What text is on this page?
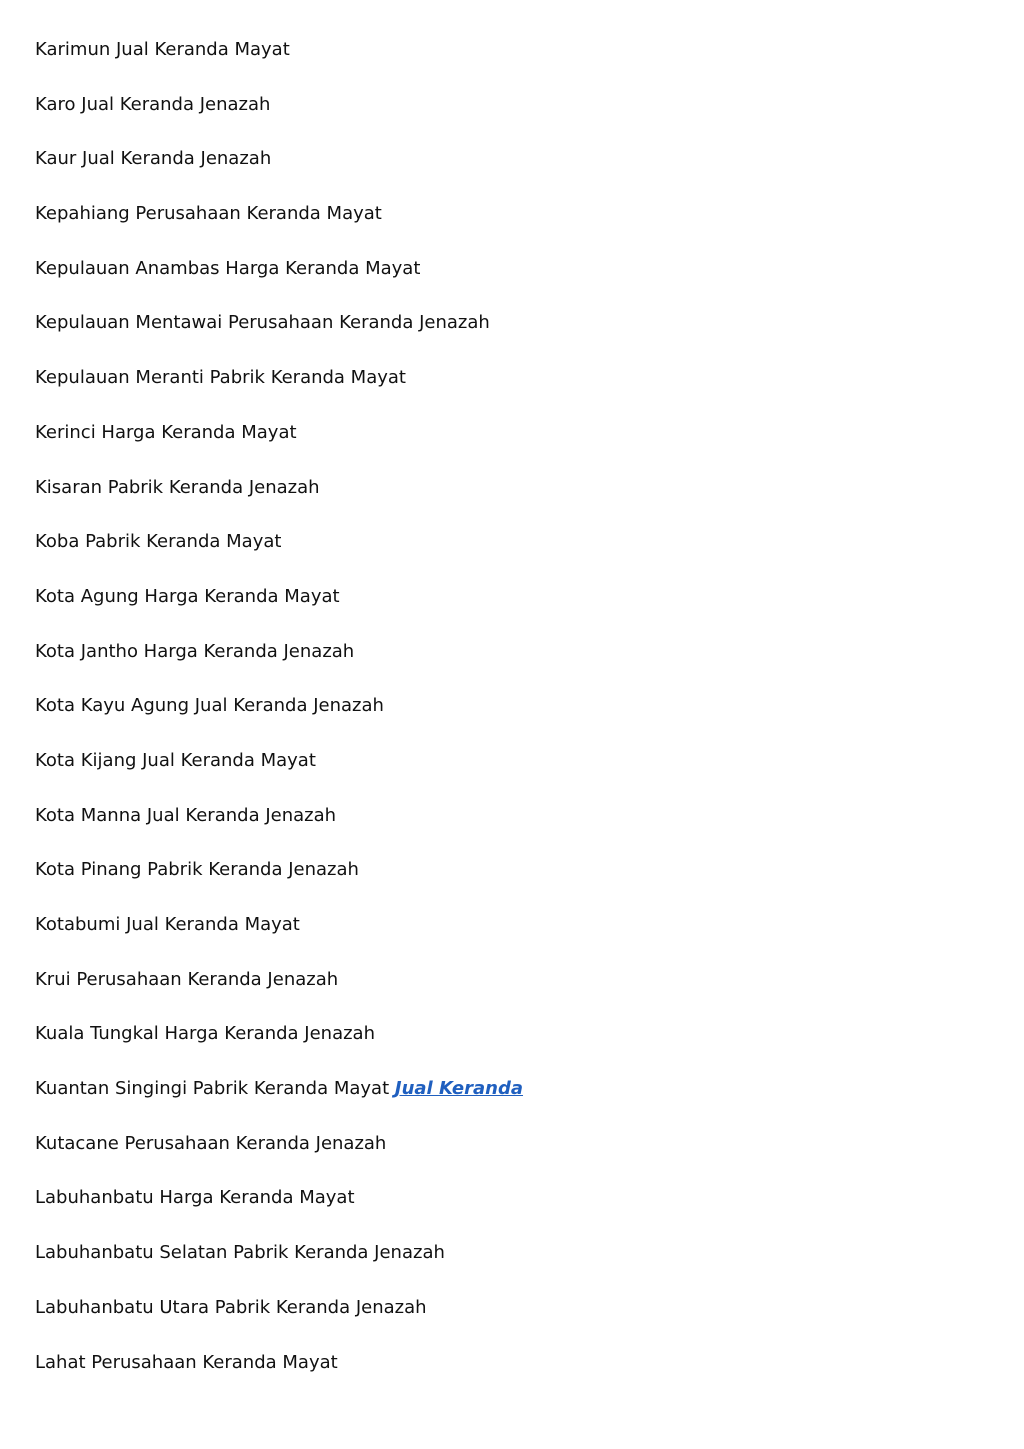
Karimun Jual Keranda Mayat
Karo Jual Keranda Jenazah
Kaur Jual Keranda Jenazah
Kepahiang Perusahaan Keranda Mayat
Kepulauan Anambas Harga Keranda Mayat
Kepulauan Mentawai Perusahaan Keranda Jenazah
Kepulauan Meranti Pabrik Keranda Mayat
Kerinci Harga Keranda Mayat
Kisaran Pabrik Keranda Jenazah
Koba Pabrik Keranda Mayat
Kota Agung Harga Keranda Mayat
Kota Jantho Harga Keranda Jenazah
Kota Kayu Agung Jual Keranda Jenazah
Kota Kijang Jual Keranda Mayat
Kota Manna Jual Keranda Jenazah
Kota Pinang Pabrik Keranda Jenazah
Kotabumi Jual Keranda Mayat
Krui Perusahaan Keranda Jenazah
Kuala Tungkal Harga Keranda Jenazah
Kuantan Singingi Pabrik Keranda Mayat Jual Keranda
Kutacane Perusahaan Keranda Jenazah
Labuhanbatu Harga Keranda Mayat
Labuhanbatu Selatan Pabrik Keranda Jenazah
Labuhanbatu Utara Pabrik Keranda Jenazah
Lahat Perusahaan Keranda Mayat
